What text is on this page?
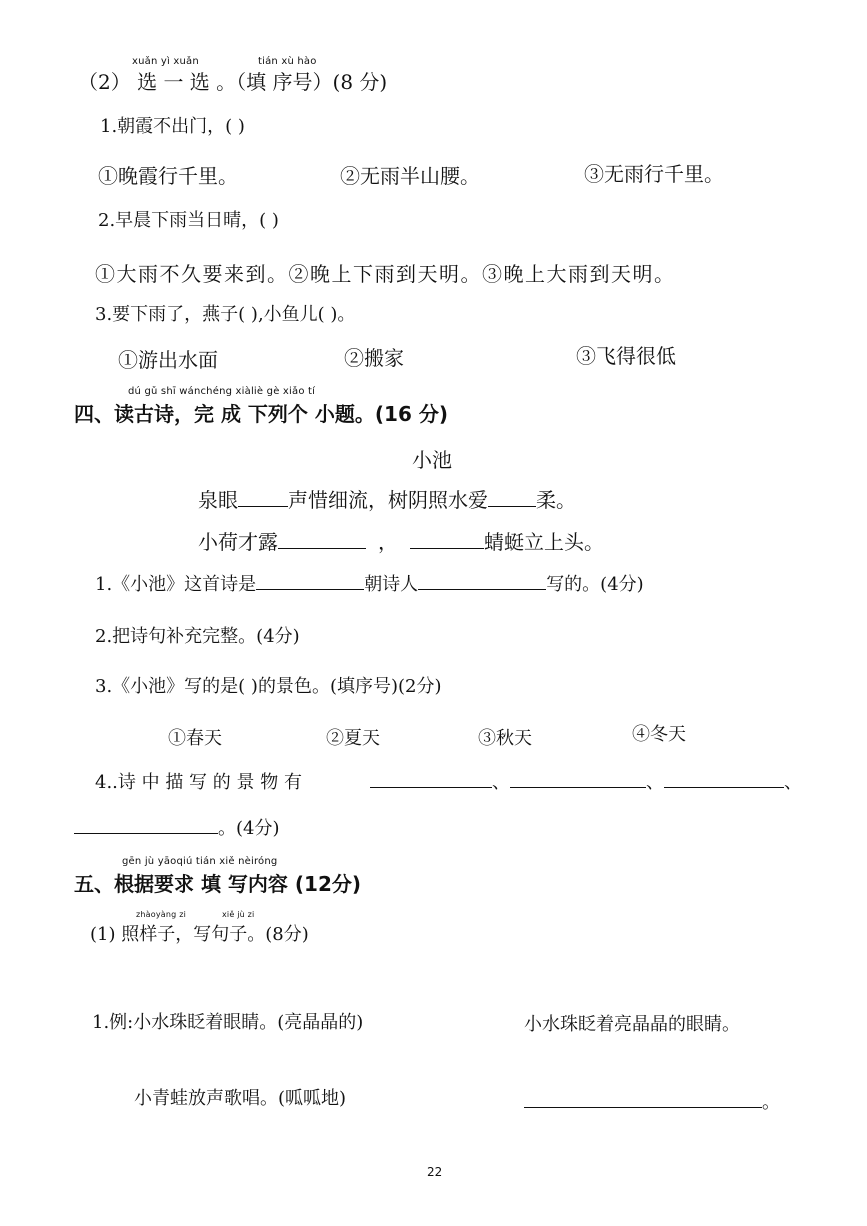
xuǎn yì xuǎn	tián xù hào
（2） 选 一 选 。（填 序号）(8 分)
1.朝霞不出门，( )
①晚霞行千里。	②无雨半山腰。	③无雨行千里。
2.早晨下雨当日晴，( )
①大雨不久要来到。②晚上下雨到天明。③晚上大雨到天明。
3.要下雨了，燕子( ),小鱼儿( )。
①游出水面	②搬家	③飞得很低
dú gǔ shī wánchéng xiàliè gè xiǎo tí
四、读古诗，完 成 下列个 小题。(16 分)
小池
泉眼	声惜细流，树阴照水爱 柔。
小荷才露	，	蜻蜓立上头。
1.《小池》这首诗是	朝诗人	写的。(4分)
2.把诗句补充完整。(4分)
3.《小池》写的是( )的景色。(填序号)(2分)
①春天	②夏天	③秋天	④冬天
4..诗 中 描 写 的 景 物 有	、	、	、
。(4分)
gēn jù yāoqiú tián xiě nèiróng
五、根据要求 填 写内容 (12分)
zhàoyàng zi	xiě jù zi
(1) 照样子，写句子。(8分)
1.例:小水珠眨着眼睛。(亮晶晶的)	小水珠眨着亮晶晶的眼睛。
小青蛙放声歌唱。(呱呱地)	。
22
